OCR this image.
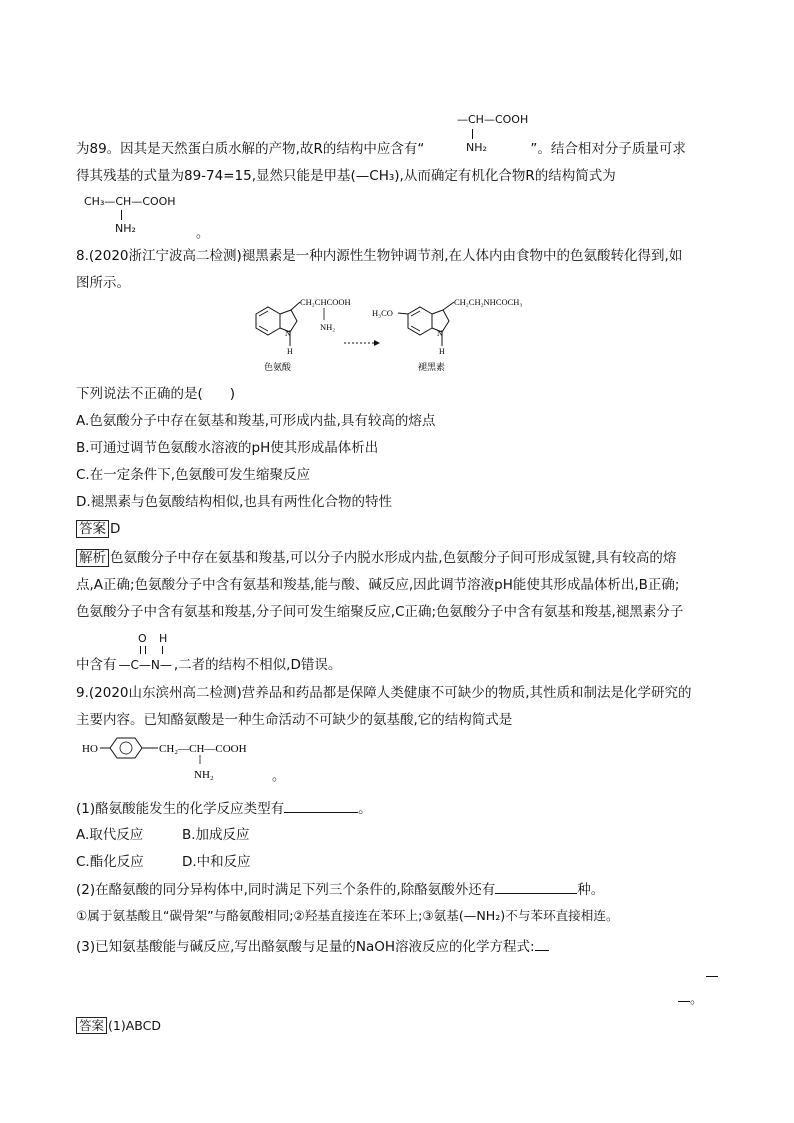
—CH—COOH
NH₂
为89。因其是天然蛋白质水解的产物,故R的结构中应含有“	”。结合相对分子质量可求
得其残基的式量为89-74=15,显然只能是甲基(—CH₃),从而确定有机化合物R的结构简式为
CH₃—CH—COOH
NH₂	。
8.(2020浙江宁波高二检测)褪黑素是一种内源性生物钟调节剂,在人体内由食物中的色氨酸转化得到,如
图所示。
N
H
CH₂CHCOOH
NH₂
色氨酸
H₃CO
N
H
CH₂CH₂NHCOCH₃
褪黑素
下列说法不正确的是(　　)
A.色氨酸分子中存在氨基和羧基,可形成内盐,具有较高的熔点
B.可通过调节色氨酸水溶液的pH使其形成晶体析出
C.在一定条件下,色氨酸可发生缩聚反应
D.褪黑素与色氨酸结构相似,也具有两性化合物的特性
答案 D
解析 色氨酸分子中存在氨基和羧基,可以分子内脱水形成内盐,色氨酸分子间可形成氢键,具有较高的熔
点,A正确;色氨酸分子中含有氨基和羧基,能与酸、碱反应,因此调节溶液pH能使其形成晶体析出,B正确;
色氨酸分子中含有氨基和羧基,分子间可发生缩聚反应,C正确;色氨酸分子中含有氨基和羧基,褪黑素分子
O H
中含有 —C—N— ,二者的结构不相似,D错误。
9.(2020山东滨州高二检测)营养品和药品都是保障人类健康不可缺少的物质,其性质和制法是化学研究的
主要内容。已知酪氨酸是一种生命活动不可缺少的氨基酸,它的结构简式是
HO	CH₂—CH—COOH
NH₂	。
(1)酪氨酸能发生的化学反应类型有	。
A.取代反应	B.加成反应
C.酯化反应	D.中和反应
(2)在酪氨酸的同分异构体中,同时满足下列三个条件的,除酪氨酸外还有	种。
①属于氨基酸且“碳骨架”与酪氨酸相同;②羟基直接连在苯环上;③氨基(—NH₂)不与苯环直接相连。
(3)已知氨基酸能与碱反应,写出酪氨酸与足量的NaOH溶液反应的化学方程式:
。
答案 (1)ABCD
